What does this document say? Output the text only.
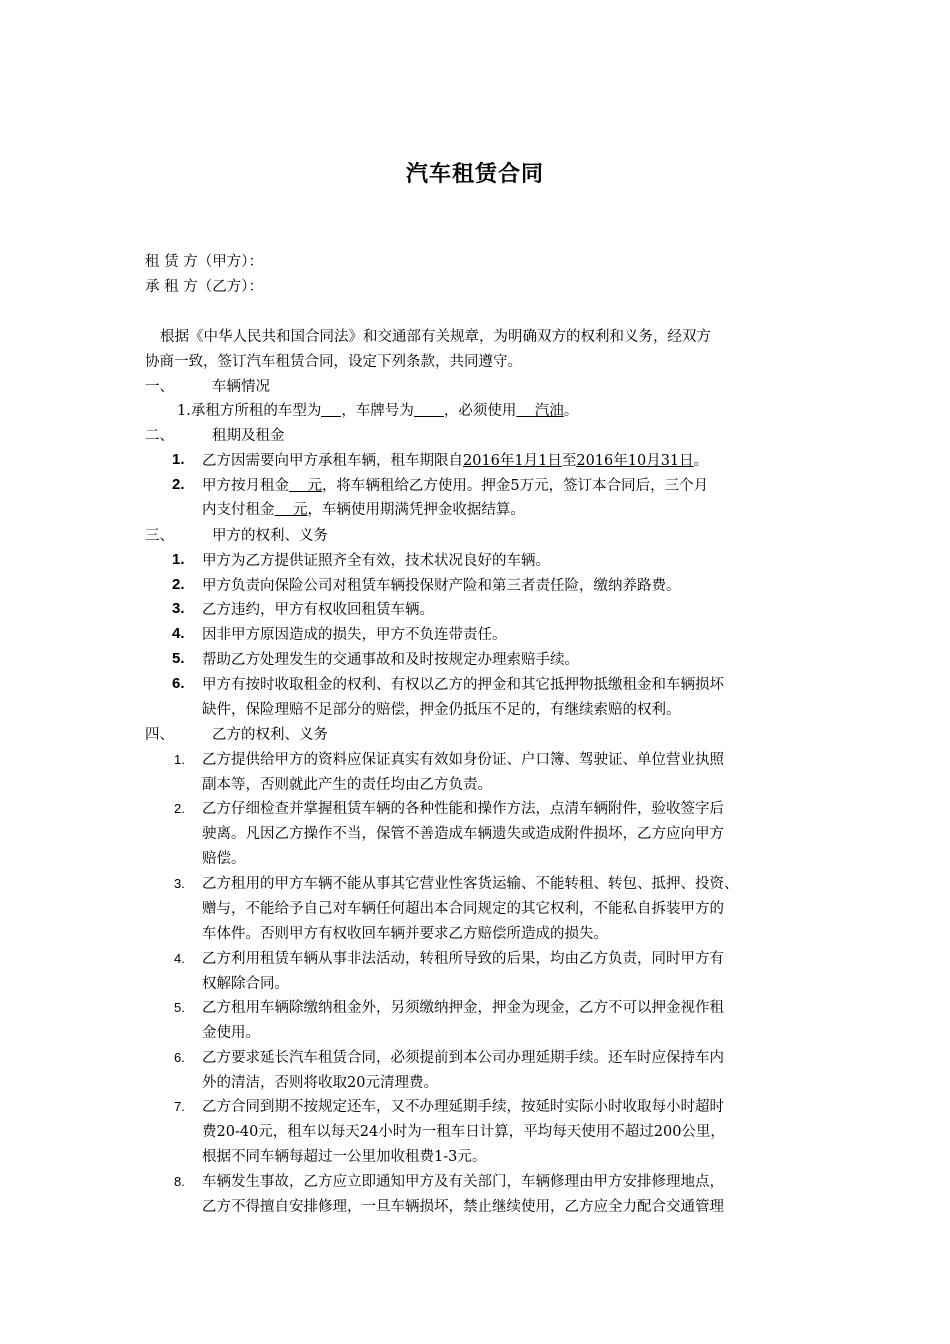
汽车租赁合同
租 赁 方（甲方）：
承 租 方（乙方）：
根据《中华人民共和国合同法》和交通部有关规章，为明确双方的权利和义务，经双方
协商一致，签订汽车租赁合同，设定下列条款，共同遵守。
一、	车辆情况
1.承租方所租的车型为 ，车牌号为 ，必须使用 汽油。
二、	租期及租金
1. 乙方因需要向甲方承租车辆，租车期限自2016年1月1日至2016年10月31日。
2. 甲方按月租金 元，将车辆租给乙方使用。押金5万元，签订本合同后，三个月
内支付租金 元，车辆使用期满凭押金收据结算。
三、	甲方的权利、义务
1. 甲方为乙方提供证照齐全有效，技术状况良好的车辆。
2. 甲方负责向保险公司对租赁车辆投保财产险和第三者责任险，缴纳养路费。
3. 乙方违约，甲方有权收回租赁车辆。
4. 因非甲方原因造成的损失，甲方不负连带责任。
5. 帮助乙方处理发生的交通事故和及时按规定办理索赔手续。
6. 甲方有按时收取租金的权利、有权以乙方的押金和其它抵押物抵缴租金和车辆损坏
缺件，保险理赔不足部分的赔偿，押金仍抵压不足的，有继续索赔的权利。
四、	乙方的权利、义务
1. 乙方提供给甲方的资料应保证真实有效如身份证、户口簿、驾驶证、单位营业执照
副本等，否则就此产生的责任均由乙方负责。
2. 乙方仔细检查并掌握租赁车辆的各种性能和操作方法，点清车辆附件，验收签字后
驶离。凡因乙方操作不当，保管不善造成车辆遗失或造成附件损坏，乙方应向甲方
赔偿。
3. 乙方租用的甲方车辆不能从事其它营业性客货运输、不能转租、转包、抵押、投资、
赠与，不能给予自己对车辆任何超出本合同规定的其它权利，不能私自拆装甲方的
车体件。否则甲方有权收回车辆并要求乙方赔偿所造成的损失。
4. 乙方利用租赁车辆从事非法活动，转租所导致的后果，均由乙方负责，同时甲方有
权解除合同。
5. 乙方租用车辆除缴纳租金外，另须缴纳押金，押金为现金，乙方不可以押金视作租
金使用。
6. 乙方要求延长汽车租赁合同，必须提前到本公司办理延期手续。还车时应保持车内
外的清洁，否则将收取20元清理费。
7. 乙方合同到期不按规定还车，又不办理延期手续，按延时实际小时收取每小时超时
费20-40元，租车以每天24小时为一租车日计算，平均每天使用不超过200公里，
根据不同车辆每超过一公里加收租费1-3元。
8. 车辆发生事故，乙方应立即通知甲方及有关部门，车辆修理由甲方安排修理地点，
乙方不得擅自安排修理，一旦车辆损坏，禁止继续使用，乙方应全力配合交通管理
